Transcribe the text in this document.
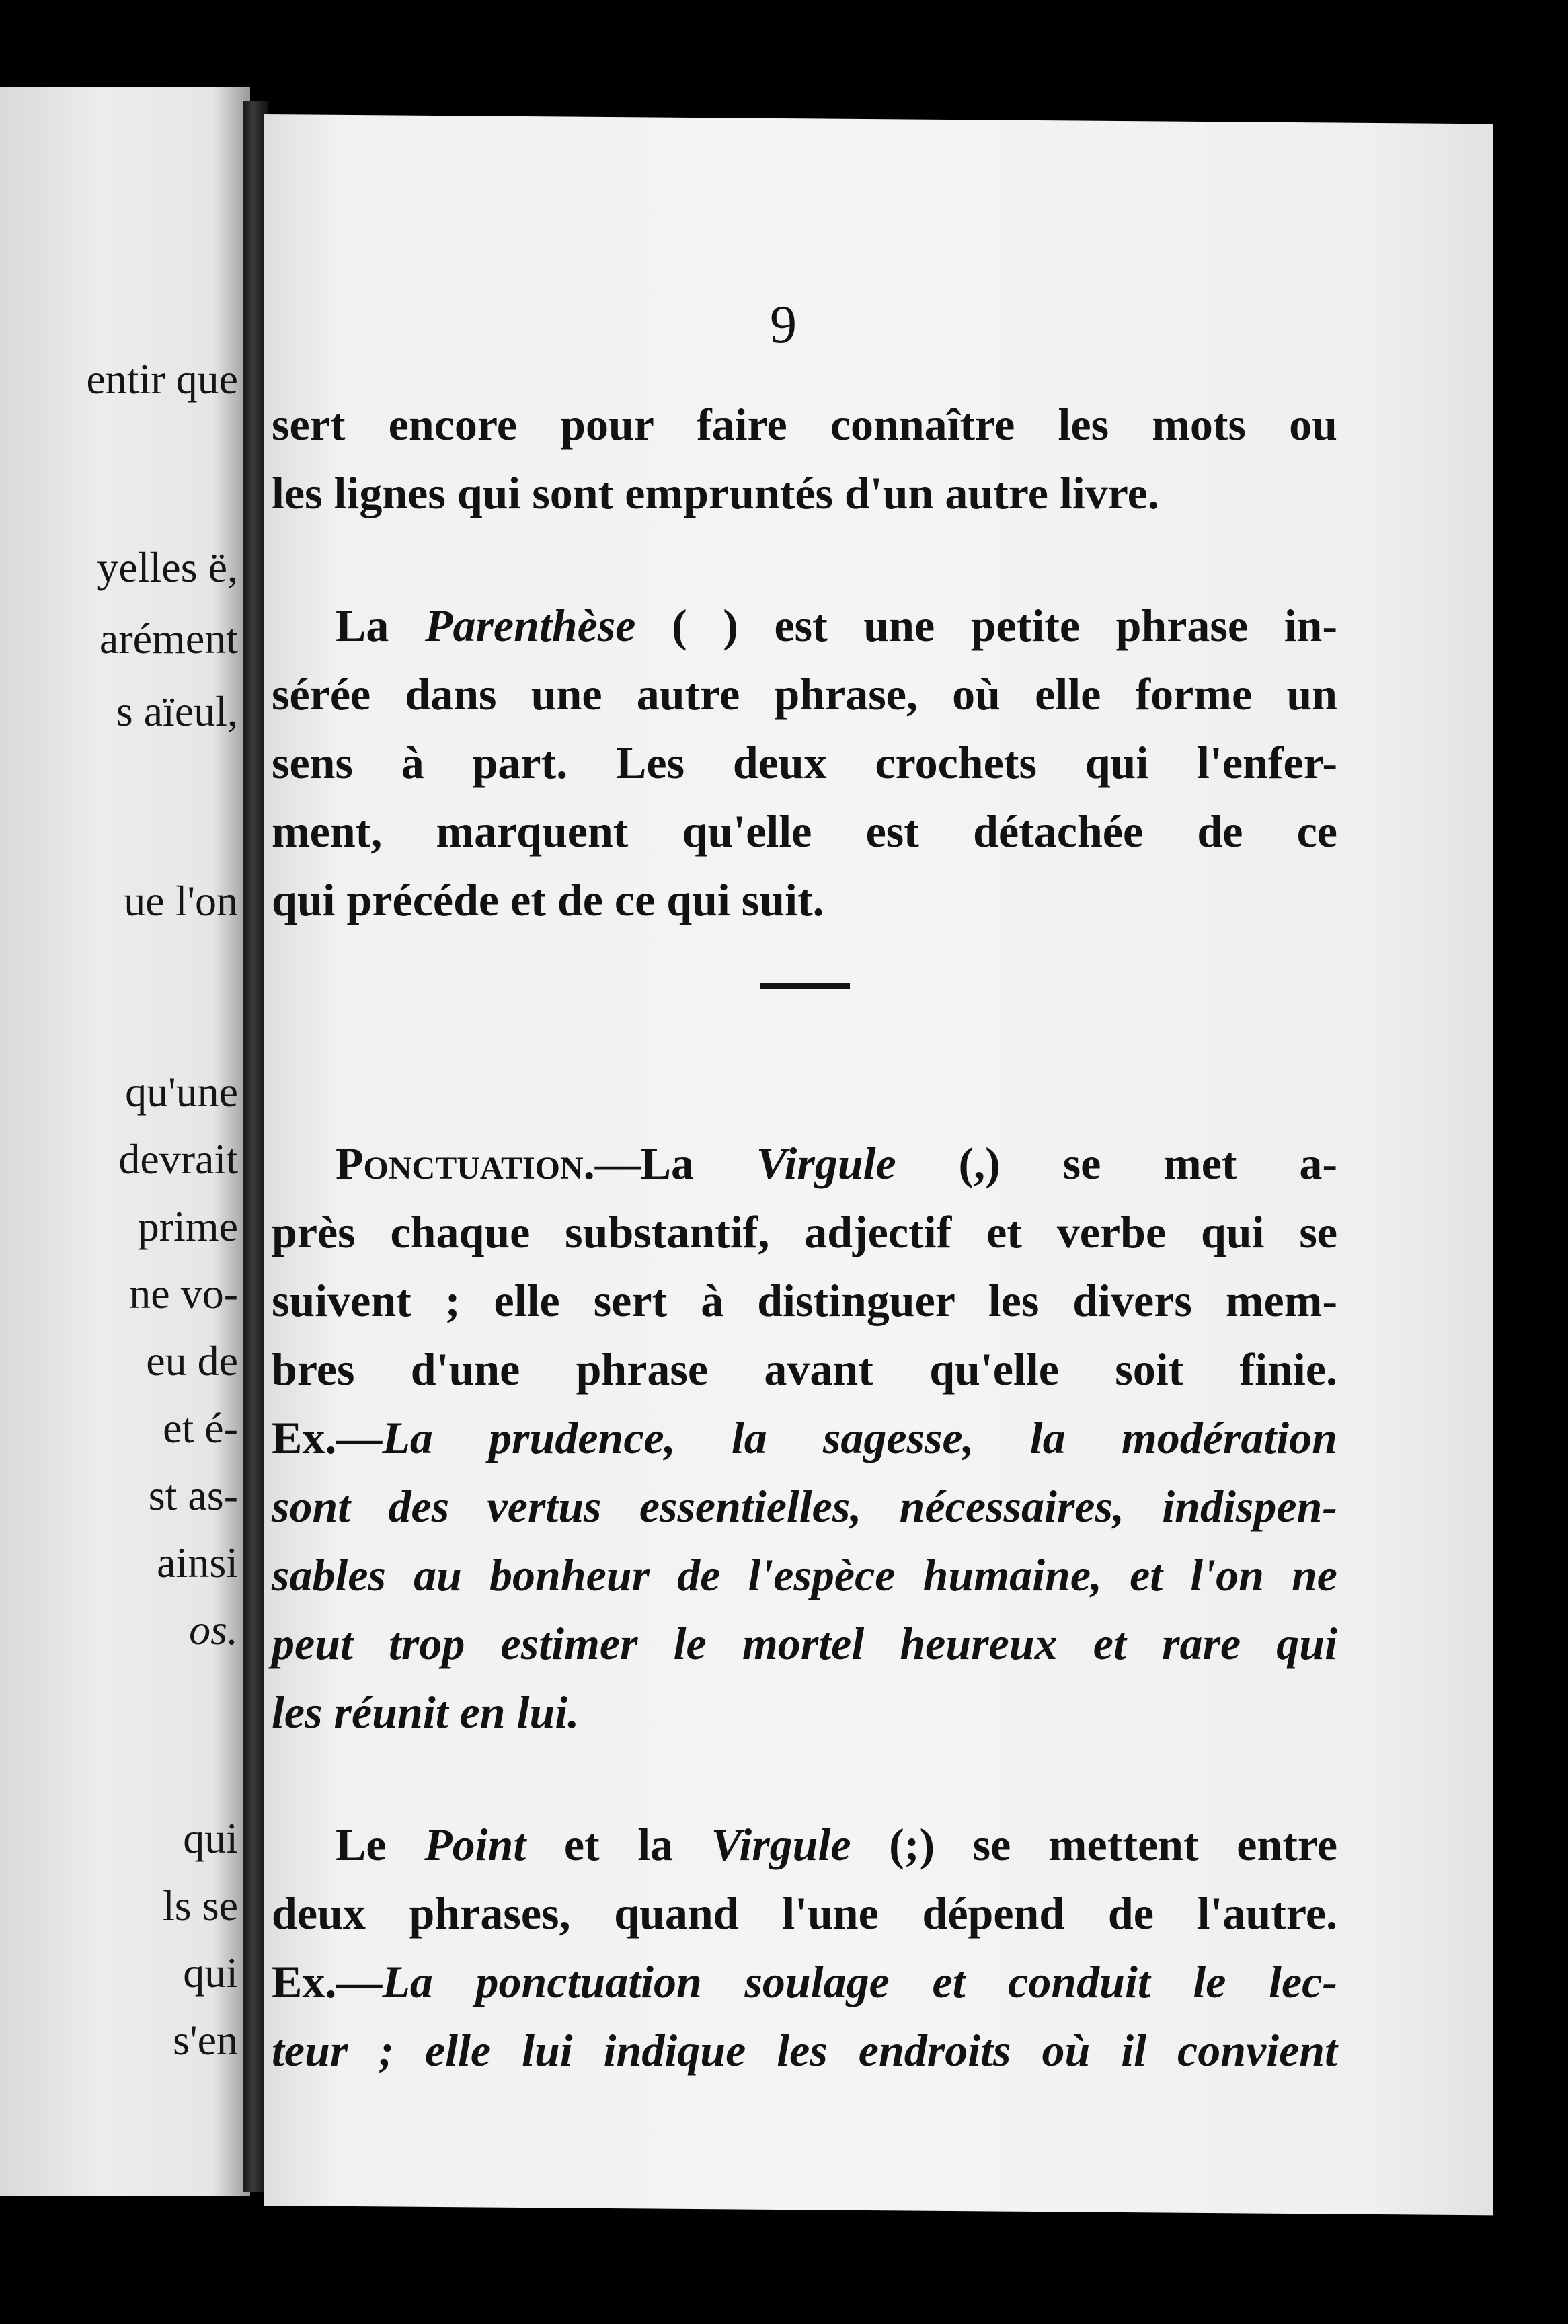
entir que
yelles ë,
arément
s aïeul,
ue l'on
qu'une
devrait
prime
ne vo-
eu de
et é-
st as-
ainsi
os.
qui
ls se
qui
s'en
9

sert encore pour faire connaître les mots ou
les lignes qui sont empruntés d'un autre livre.

La Parenthèse ( ) est une petite phrase in-
sérée dans une autre phrase, où elle forme un
sens à part. Les deux crochets qui l'enfer-
ment, marquent qu'elle est détachée de ce
qui précéde et de ce qui suit.

Ponctuation.—La Virgule (,) se met a-
près chaque substantif, adjectif et verbe qui se
suivent ; elle sert à distinguer les divers mem-
bres d'une phrase avant qu'elle soit finie.
Ex.—La prudence, la sagesse, la modération
sont des vertus essentielles, nécessaires, indispen-
sables au bonheur de l'espèce humaine, et l'on ne
peut trop estimer le mortel heureux et rare qui
les réunit en lui.

Le Point et la Virgule (;) se mettent entre
deux phrases, quand l'une dépend de l'autre.
Ex.—La ponctuation soulage et conduit le lec-
teur ; elle lui indique les endroits où il convient
